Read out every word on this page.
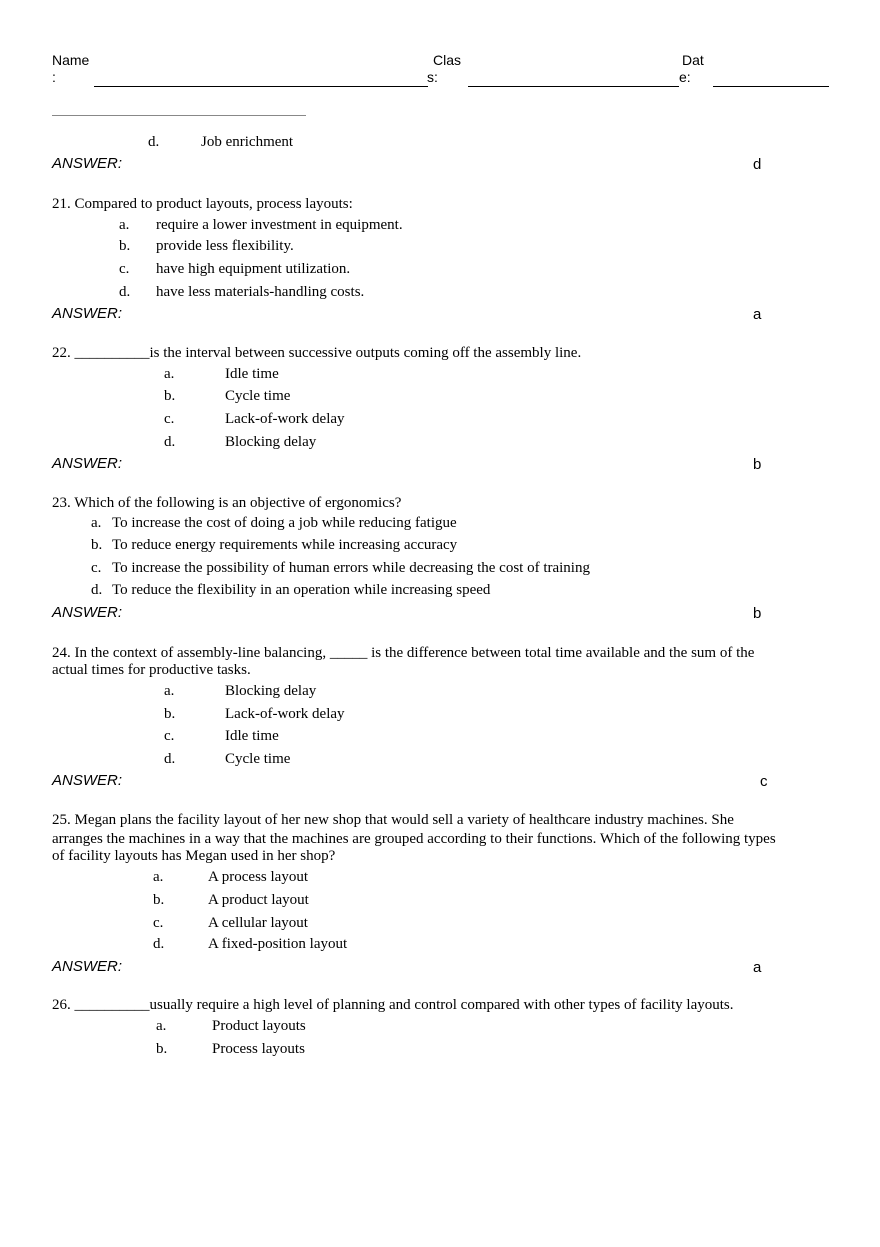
Name
:
Clas
s:
Dat
e:
d.	Job enrichment
ANSWER:	d
21. Compared to product layouts, process layouts:
a. require a lower investment in equipment.
b. provide less flexibility.
c. have high equipment utilization.
d. have less materials-handling costs.
ANSWER:	a
22. __________is the interval between successive outputs coming off the assembly line.
a.	Idle time
b.	Cycle time
c.	Lack-of-work delay
d.	Blocking delay
ANSWER:	b
23. Which of the following is an objective of ergonomics?
a. To increase the cost of doing a job while reducing fatigue
b. To reduce energy requirements while increasing accuracy
c. To increase the possibility of human errors while decreasing the cost of training
d. To reduce the flexibility in an operation while increasing speed
ANSWER:	b
24. In the context of assembly-line balancing, _____ is the difference between total time available and the sum of the
actual times for productive tasks.
a.	Blocking delay
b.	Lack-of-work delay
c.	Idle time
d.	Cycle time
ANSWER:	c
25. Megan plans the facility layout of her new shop that would sell a variety of healthcare industry machines. She
arranges the machines in a way that the machines are grouped according to their functions. Which of the following types
of facility layouts has Megan used in her shop?
a.	A process layout
b.	A product layout
c.	A cellular layout
d.	A fixed-position layout
ANSWER:	a
26. __________usually require a high level of planning and control compared with other types of facility layouts.
a.	Product layouts
b.	Process layouts
